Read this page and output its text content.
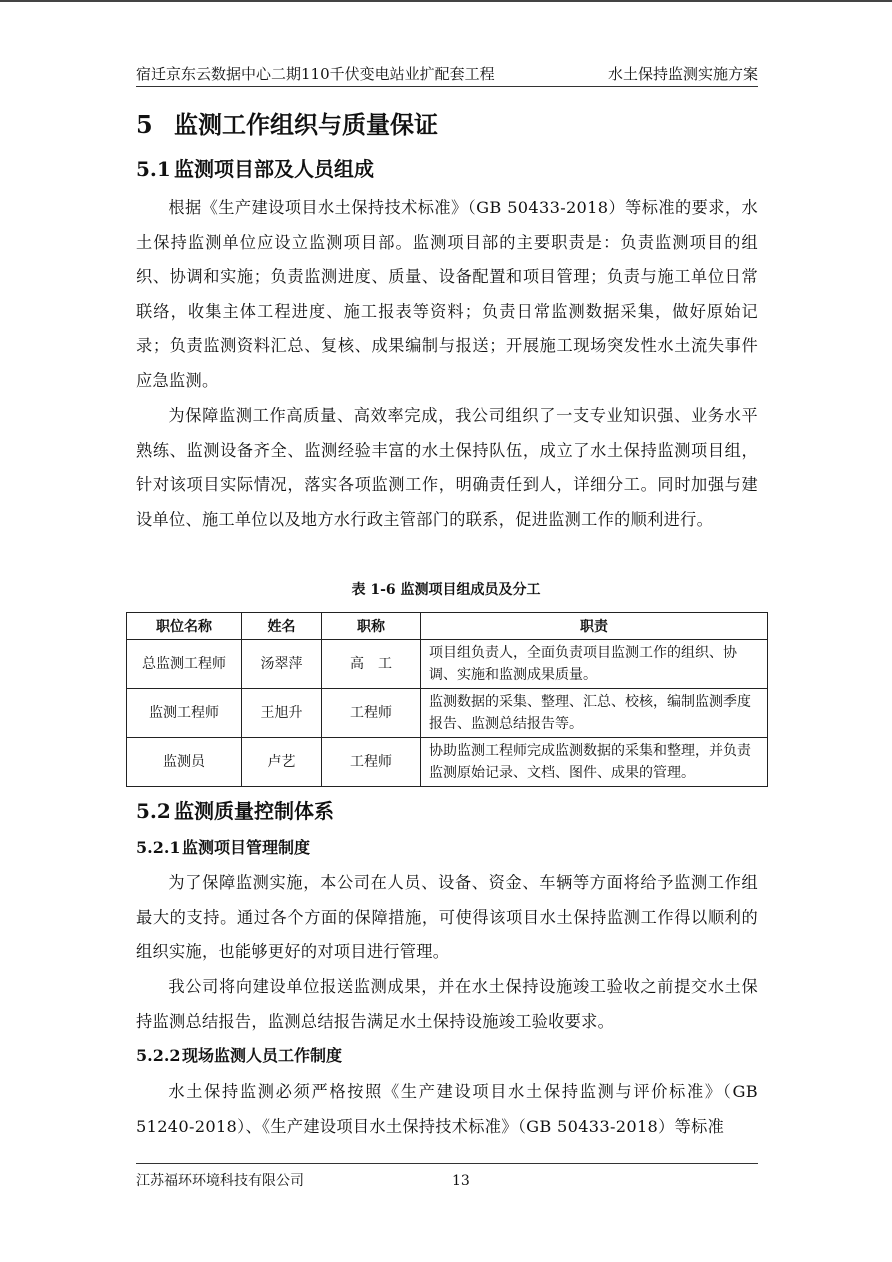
宿迁京东云数据中心二期110千伏变电站业扩配套工程	水土保持监测实施方案
5 监测工作组织与质量保证
5.1 监测项目部及人员组成

根据《生产建设项目水土保持技术标准》（GB 50433-2018）等标准的要求，水土保持监测单位应设立监测项目部。监测项目部的主要职责是：负责监测项目的组织、协调和实施；负责监测进度、质量、设备配置和项目管理；负责与施工单位日常联络，收集主体工程进度、施工报表等资料；负责日常监测数据采集，做好原始记录；负责监测资料汇总、复核、成果编制与报送；开展施工现场突发性水土流失事件应急监测。

为保障监测工作高质量、高效率完成，我公司组织了一支专业知识强、业务水平熟练、监测设备齐全、监测经验丰富的水土保持队伍，成立了水土保持监测项目组，针对该项目实际情况，落实各项监测工作，明确责任到人，详细分工。同时加强与建设单位、施工单位以及地方水行政主管部门的联系，促进监测工作的顺利进行。

表 1-6 监测项目组成员及分工
职位名称	姓名	职称	职责
总监测工程师	汤翠萍	高　工	项目组负责人，全面负责项目监测工作的组织、协调、实施和监测成果质量。
监测工程师	王旭升	工程师	监测数据的采集、整理、汇总、校核，编制监测季度报告、监测总结报告等。
监测员	卢艺	工程师	协助监测工程师完成监测数据的采集和整理，并负责监测原始记录、文档、图件、成果的管理。
5.2 监测质量控制体系
5.2.1监测项目管理制度

为了保障监测实施，本公司在人员、设备、资金、车辆等方面将给予监测工作组最大的支持。通过各个方面的保障措施，可使得该项目水土保持监测工作得以顺利的组织实施，也能够更好的对项目进行管理。

我公司将向建设单位报送监测成果，并在水土保持设施竣工验收之前提交水土保持监测总结报告，监测总结报告满足水土保持设施竣工验收要求。

5.2.2现场监测人员工作制度

水土保持监测必须严格按照《生产建设项目水土保持监测与评价标准》（GB 51240-2018）、《生产建设项目水土保持技术标准》（GB 50433-2018）等标准

江苏福环环境科技有限公司	13
